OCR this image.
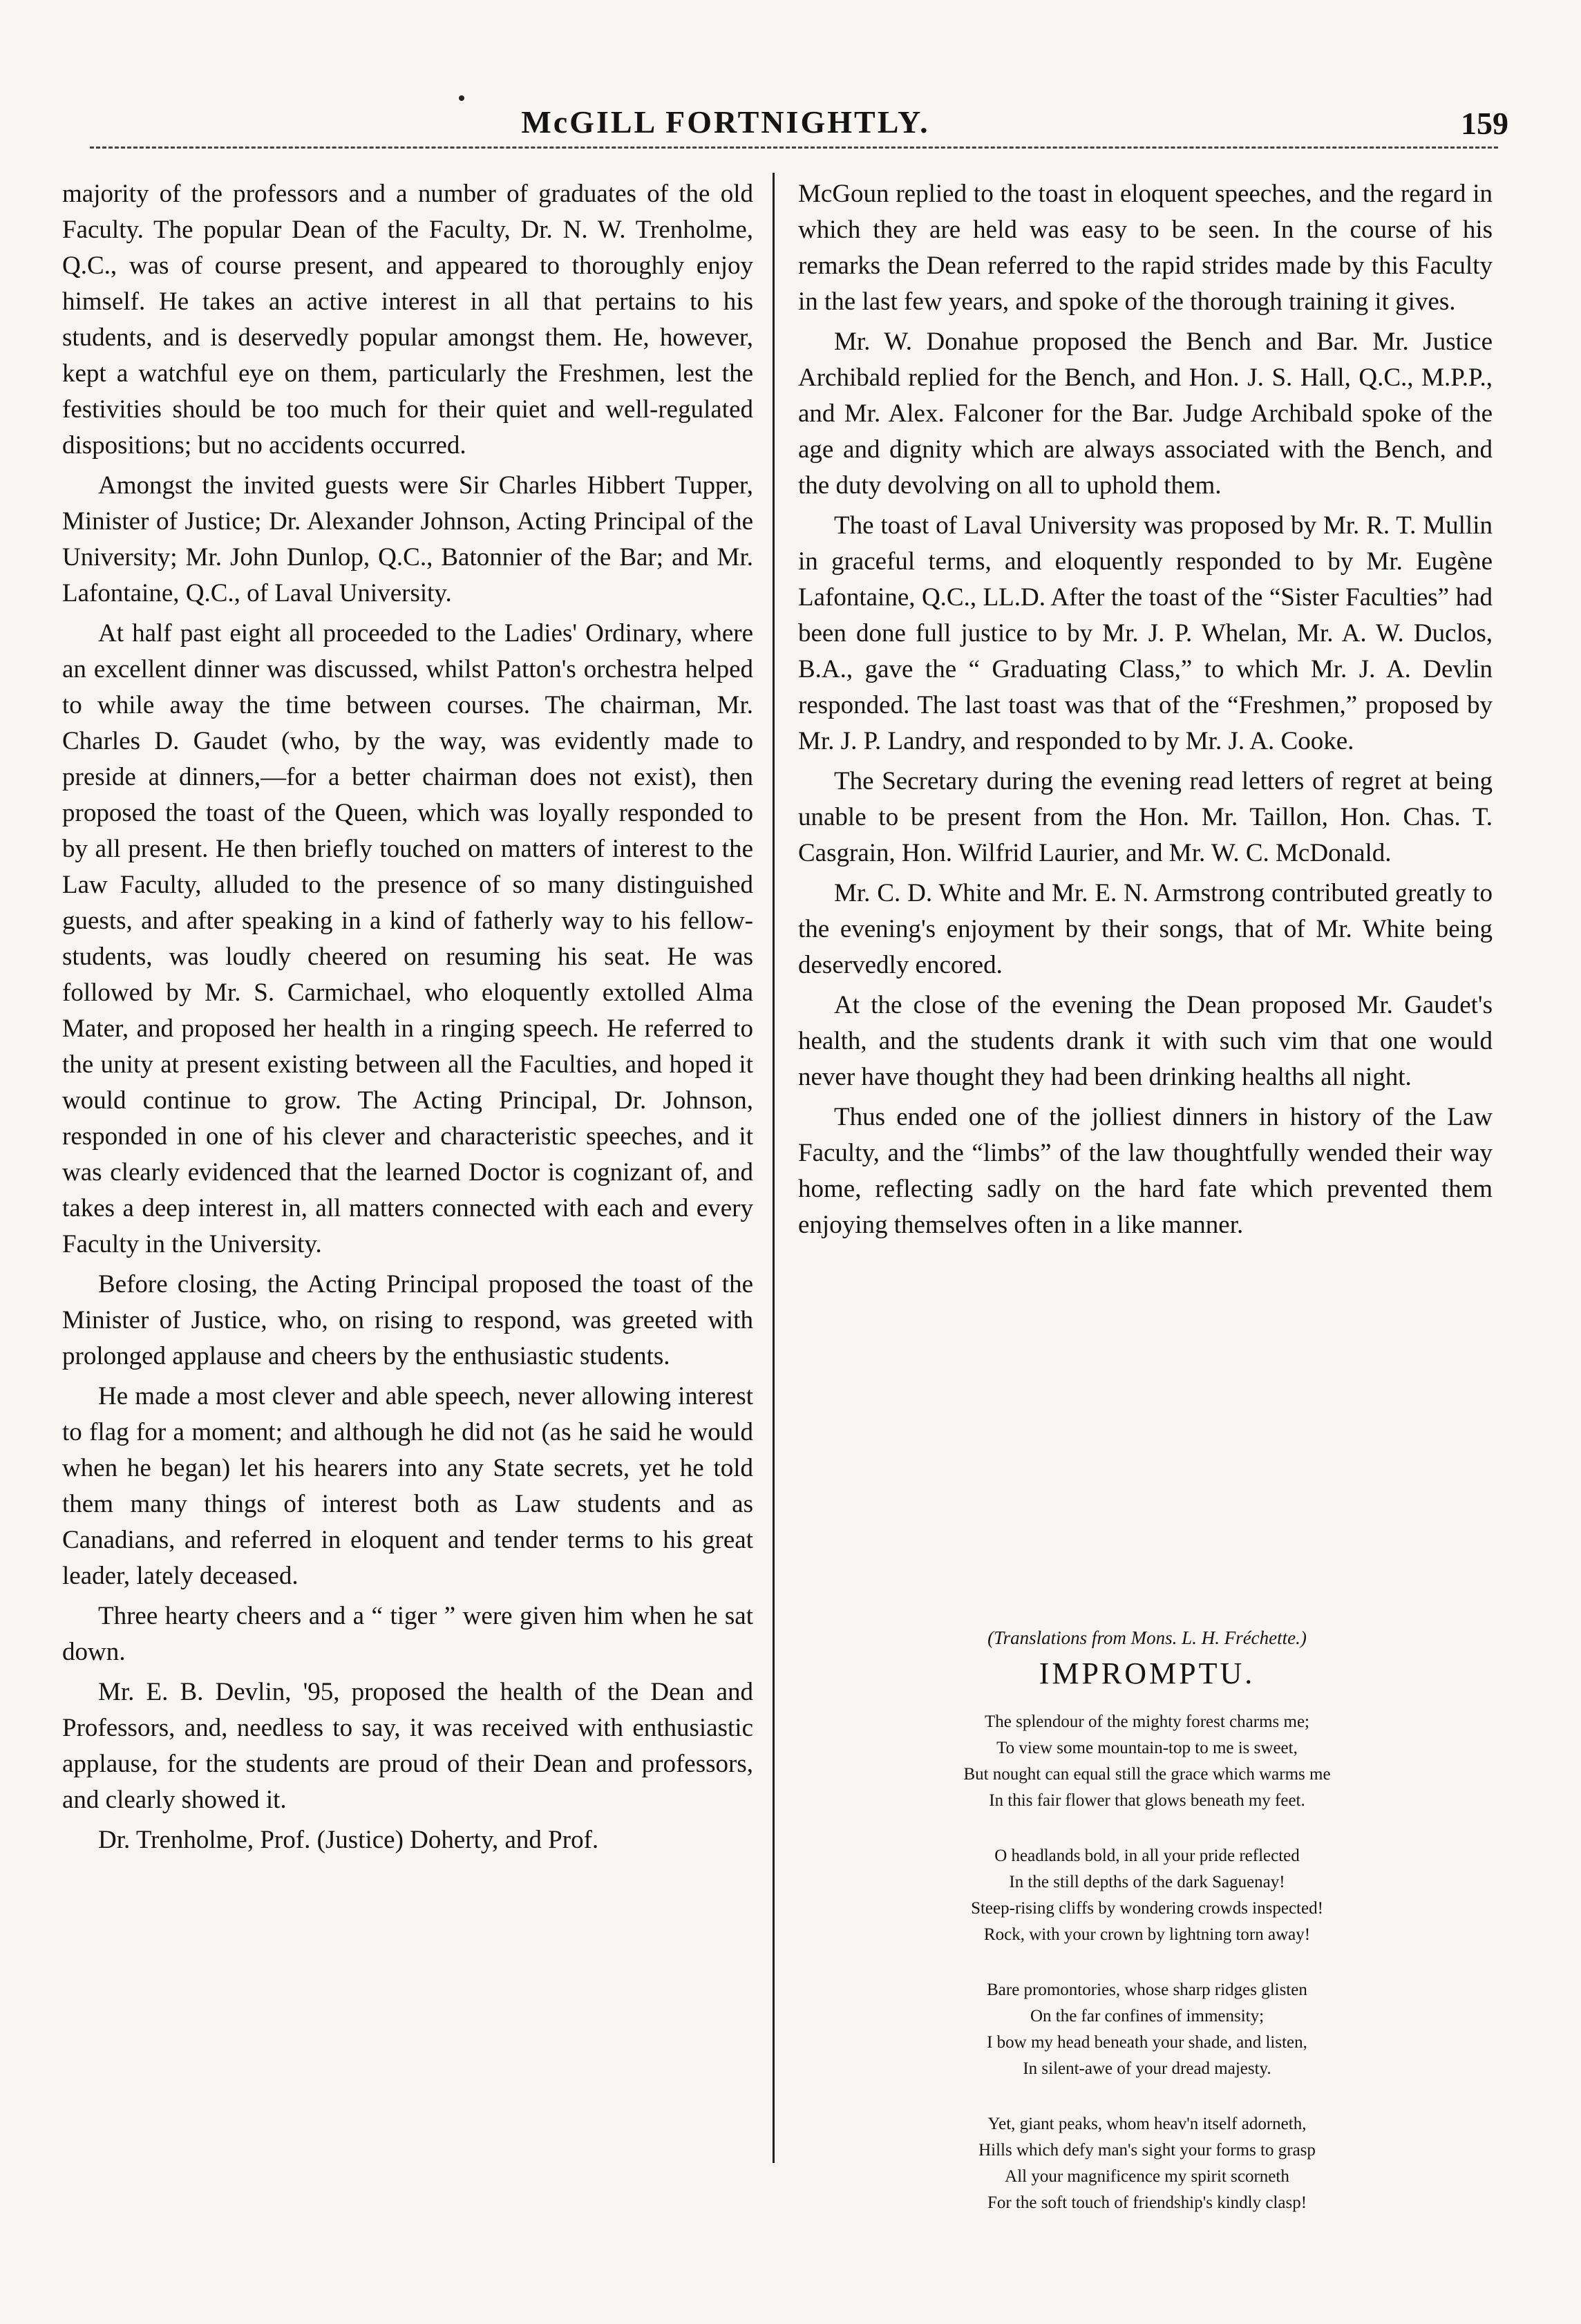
McGILL FORTNIGHTLY.	159

majority of the professors and a number of graduates of the old Faculty. The popular Dean of the Faculty, Dr. N. W. Trenholme, Q.C., was of course present, and appeared to thoroughly enjoy himself. He takes an active interest in all that pertains to his students, and is deservedly popular amongst them. He, however, kept a watchful eye on them, particularly the Freshmen, lest the festivities should be too much for their quiet and well-regulated dispositions; but no accidents occurred.

Amongst the invited guests were Sir Charles Hibbert Tupper, Minister of Justice; Dr. Alexander Johnson, Acting Principal of the University; Mr. John Dunlop, Q.C., Batonnier of the Bar; and Mr. Lafontaine, Q.C., of Laval University.

At half past eight all proceeded to the Ladies' Ordinary, where an excellent dinner was discussed, whilst Patton's orchestra helped to while away the time between courses. The chairman, Mr. Charles D. Gaudet (who, by the way, was evidently made to preside at dinners,—for a better chairman does not exist), then proposed the toast of the Queen, which was loyally responded to by all present. He then briefly touched on matters of interest to the Law Faculty, alluded to the presence of so many distinguished guests, and after speaking in a kind of fatherly way to his fellow-students, was loudly cheered on resuming his seat. He was followed by Mr. S. Carmichael, who eloquently extolled Alma Mater, and proposed her health in a ringing speech. He referred to the unity at present existing between all the Faculties, and hoped it would continue to grow. The Acting Principal, Dr. Johnson, responded in one of his clever and characteristic speeches, and it was clearly evidenced that the learned Doctor is cognizant of, and takes a deep interest in, all matters connected with each and every Faculty in the University.

Before closing, the Acting Principal proposed the toast of the Minister of Justice, who, on rising to respond, was greeted with prolonged applause and cheers by the enthusiastic students.

He made a most clever and able speech, never allowing interest to flag for a moment; and although he did not (as he said he would when he began) let his hearers into any State secrets, yet he told them many things of interest both as Law students and as Canadians, and referred in eloquent and tender terms to his great leader, lately deceased.

Three hearty cheers and a “ tiger ” were given him when he sat down.

Mr. E. B. Devlin, '95, proposed the health of the Dean and Professors, and, needless to say, it was received with enthusiastic applause, for the students are proud of their Dean and professors, and clearly showed it.

Dr. Trenholme, Prof. (Justice) Doherty, and Prof.

McGoun replied to the toast in eloquent speeches, and the regard in which they are held was easy to be seen. In the course of his remarks the Dean referred to the rapid strides made by this Faculty in the last few years, and spoke of the thorough training it gives.

Mr. W. Donahue proposed the Bench and Bar. Mr. Justice Archibald replied for the Bench, and Hon. J. S. Hall, Q.C., M.P.P., and Mr. Alex. Falconer for the Bar. Judge Archibald spoke of the age and dignity which are always associated with the Bench, and the duty devolving on all to uphold them.

The toast of Laval University was proposed by Mr. R. T. Mullin in graceful terms, and eloquently responded to by Mr. Eugène Lafontaine, Q.C., LL.D. After the toast of the “Sister Faculties” had been done full justice to by Mr. J. P. Whelan, Mr. A. W. Duclos, B.A., gave the “ Graduating Class,” to which Mr. J. A. Devlin responded. The last toast was that of the “Freshmen,” proposed by Mr. J. P. Landry, and responded to by Mr. J. A. Cooke.

The Secretary during the evening read letters of regret at being unable to be present from the Hon. Mr. Taillon, Hon. Chas. T. Casgrain, Hon. Wilfrid Laurier, and Mr. W. C. McDonald.

Mr. C. D. White and Mr. E. N. Armstrong contributed greatly to the evening's enjoyment by their songs, that of Mr. White being deservedly encored.

At the close of the evening the Dean proposed Mr. Gaudet's health, and the students drank it with such vim that one would never have thought they had been drinking healths all night.

Thus ended one of the jolliest dinners in history of the Law Faculty, and the “limbs” of the law thoughtfully wended their way home, reflecting sadly on the hard fate which prevented them enjoying themselves often in a like manner.

(Translations from Mons. L. H. Fréchette.)
IMPROMPTU.
The splendour of the mighty forest charms me;
To view some mountain-top to me is sweet,
But nought can equal still the grace which warms me
In this fair flower that glows beneath my feet.
O headlands bold, in all your pride reflected
In the still depths of the dark Saguenay!
Steep-rising cliffs by wondering crowds inspected!
Rock, with your crown by lightning torn away!
Bare promontories, whose sharp ridges glisten
On the far confines of immensity;
I bow my head beneath your shade, and listen,
In silent-awe of your dread majesty.
Yet, giant peaks, whom heav'n itself adorneth,
Hills which defy man's sight your forms to grasp
All your magnificence my spirit scorneth
For the soft touch of friendship's kindly clasp!
